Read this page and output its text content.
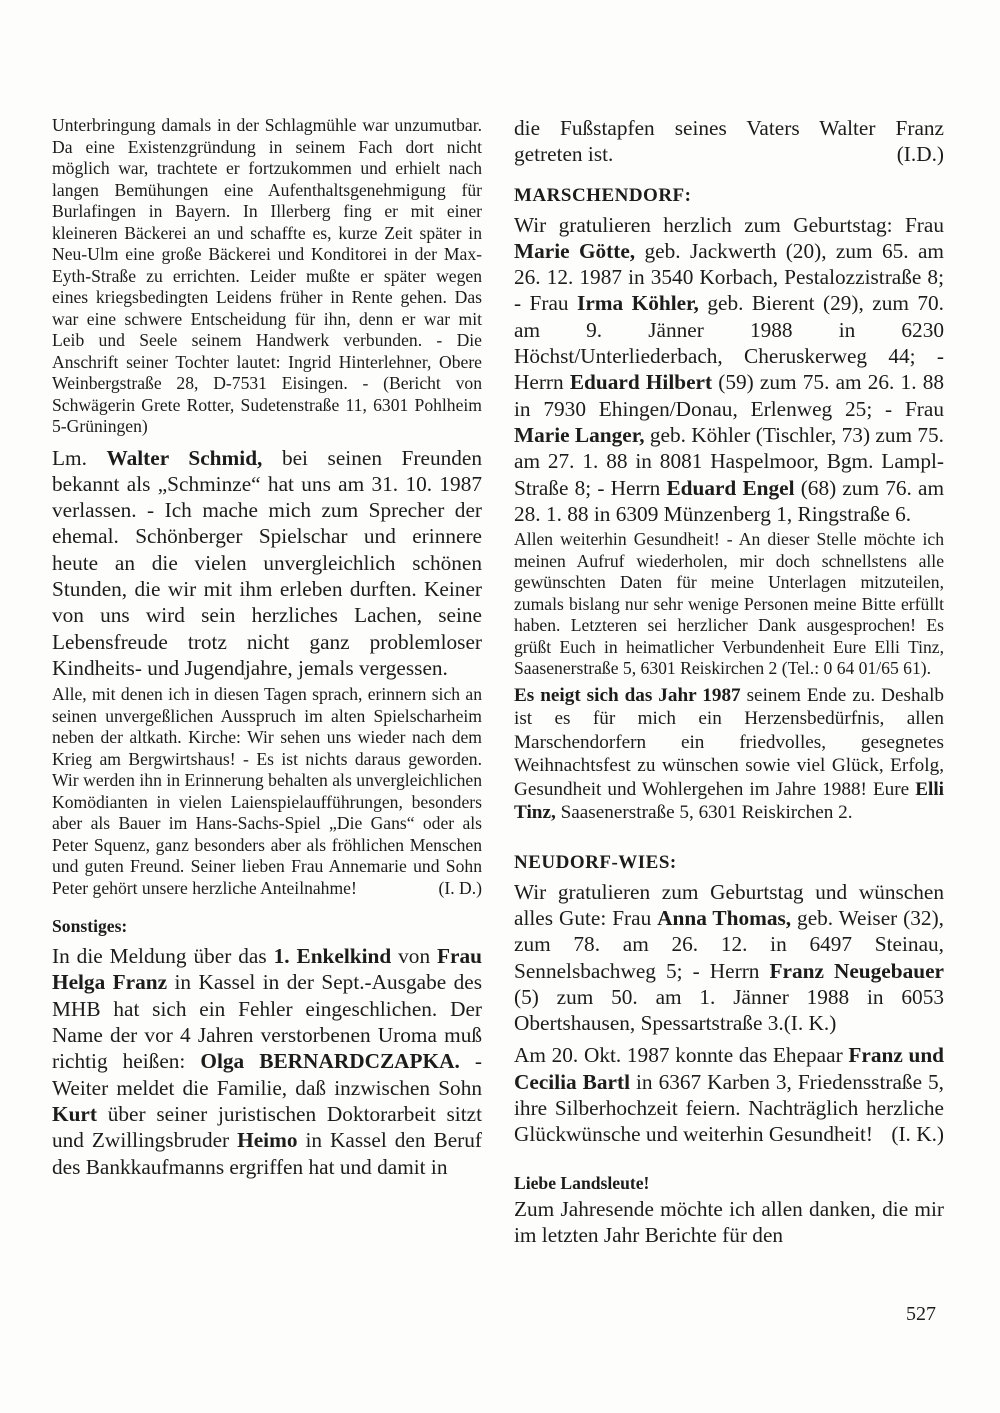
Unterbringung damals in der Schlagmühle war unzumutbar. Da eine Existenzgründung in seinem Fach dort nicht möglich war, trachtete er fortzukommen und erhielt nach langen Bemühungen eine Aufenthaltsgenehmigung für Burlafingen in Bayern. In Illerberg fing er mit einer kleineren Bäckerei an und schaffte es, kurze Zeit später in Neu-Ulm eine große Bäckerei und Konditorei in der Max-Eyth-Straße zu errichten. Leider mußte er später wegen eines kriegsbedingten Leidens früher in Rente gehen. Das war eine schwere Entscheidung für ihn, denn er war mit Leib und Seele seinem Handwerk verbunden. - Die Anschrift seiner Tochter lautet: Ingrid Hinterlehner, Obere Weinbergstraße 28, D-7531 Eisingen. - (Bericht von Schwägerin Grete Rotter, Sudetenstraße 11, 6301 Pohlheim 5-Grüningen)

Lm. Walter Schmid, bei seinen Freunden bekannt als „Schminze“ hat uns am 31. 10. 1987 verlassen. - Ich mache mich zum Sprecher der ehemal. Schönberger Spielschar und erinnere heute an die vielen unvergleichlich schönen Stunden, die wir mit ihm erleben durften. Keiner von uns wird sein herzliches Lachen, seine Lebensfreude trotz nicht ganz problemloser Kindheits- und Jugendjahre, jemals vergessen.

Alle, mit denen ich in diesen Tagen sprach, erinnern sich an seinen unvergeßlichen Ausspruch im alten Spielscharheim neben der altkath. Kirche: Wir sehen uns wieder nach dem Krieg am Bergwirtshaus! - Es ist nichts daraus geworden. Wir werden ihn in Erinnerung behalten als unvergleichlichen Komödianten in vielen Laienspielaufführungen, besonders aber als Bauer im Hans-Sachs-Spiel „Die Gans“ oder als Peter Squenz, ganz besonders aber als fröhlichen Menschen und guten Freund. Seiner lieben Frau Annemarie und Sohn Peter gehört unsere herzliche Anteilnahme!	(I. D.)

Sonstiges:

In die Meldung über das 1. Enkelkind von Frau Helga Franz in Kassel in der Sept.-Ausgabe des MHB hat sich ein Fehler eingeschlichen. Der Name der vor 4 Jahren verstorbenen Uroma muß richtig heißen: Olga BERNARDCZAPKA. - Weiter meldet die Familie, daß inzwischen Sohn Kurt über seiner juristischen Doktorarbeit sitzt und Zwillingsbruder Heimo in Kassel den Beruf des Bankkaufmanns ergriffen hat und damit in

die Fußstapfen seines Vaters Walter Franz getreten ist.	(I.D.)

MARSCHENDORF:

Wir gratulieren herzlich zum Geburtstag: Frau Marie Götte, geb. Jackwerth (20), zum 65. am 26. 12. 1987 in 3540 Korbach, Pestalozzistraße 8; - Frau Irma Köhler, geb. Bierent (29), zum 70. am 9. Jänner 1988 in 6230 Höchst/Unterliederbach, Cheruskerweg 44; - Herrn Eduard Hilbert (59) zum 75. am 26. 1. 88 in 7930 Ehingen/Donau, Erlenweg 25; - Frau Marie Langer, geb. Köhler (Tischler, 73) zum 75. am 27. 1. 88 in 8081 Haspelmoor, Bgm. Lampl-Straße 8; - Herrn Eduard Engel (68) zum 76. am 28. 1. 88 in 6309 Münzenberg 1, Ringstraße 6.

Allen weiterhin Gesundheit! - An dieser Stelle möchte ich meinen Aufruf wiederholen, mir doch schnellstens alle gewünschten Daten für meine Unterlagen mitzuteilen, zumals bislang nur sehr wenige Personen meine Bitte erfüllt haben. Letzteren sei herzlicher Dank ausgesprochen! Es grüßt Euch in heimatlicher Verbundenheit Eure Elli Tinz, Saasenerstraße 5, 6301 Reiskirchen 2 (Tel.: 0 64 01/65 61).

Es neigt sich das Jahr 1987 seinem Ende zu. Deshalb ist es für mich ein Herzensbedürfnis, allen Marschendorfern ein friedvolles, gesegnetes Weihnachtsfest zu wünschen sowie viel Glück, Erfolg, Gesundheit und Wohlergehen im Jahre 1988! Eure Elli Tinz, Saasenerstraße 5, 6301 Reiskirchen 2.

NEUDORF-WIES:

Wir gratulieren zum Geburtstag und wünschen alles Gute: Frau Anna Thomas, geb. Weiser (32), zum 78. am 26. 12. in 6497 Steinau, Sennelsbachweg 5; - Herrn Franz Neugebauer (5) zum 50. am 1. Jänner 1988 in 6053 Obertshausen, Spessartstraße 3.(I. K.)

Am 20. Okt. 1987 konnte das Ehepaar Franz und Cecilia Bartl in 6367 Karben 3, Friedensstraße 5, ihre Silberhochzeit feiern. Nachträglich herzliche Glückwünsche und weiterhin Gesundheit! (I. K.)

Liebe Landsleute!

Zum Jahresende möchte ich allen danken, die mir im letzten Jahr Berichte für den

527
